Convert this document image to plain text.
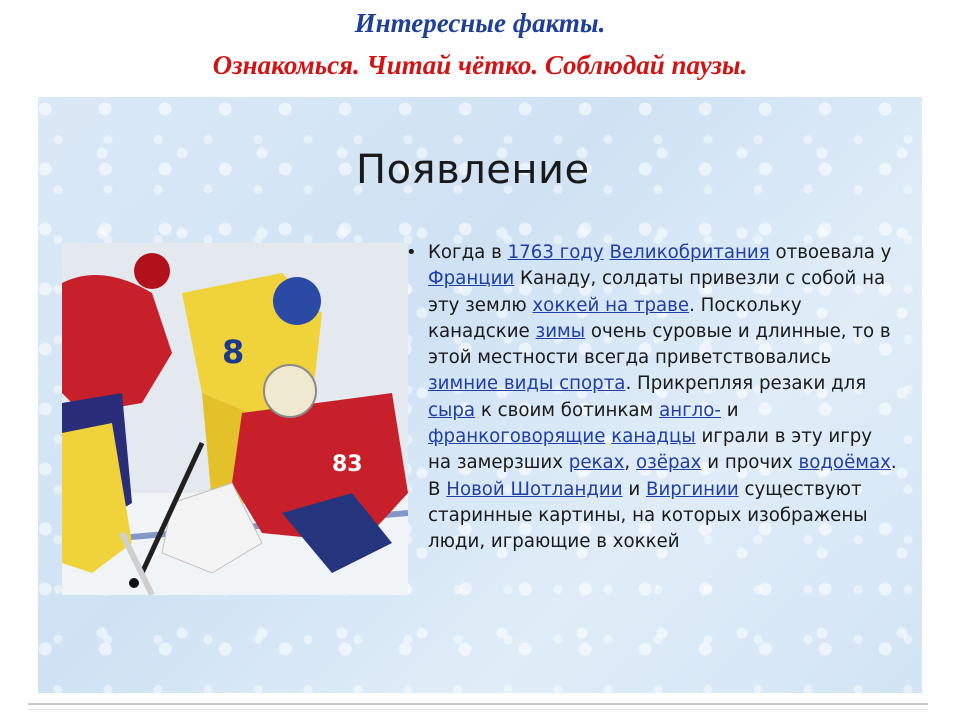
Интересные факты.
Ознакомься. Читай чётко. Соблюдай паузы.
Появление
8
83
• Когда в 1763 году Великобритания отвоевала у Франции Канаду, солдаты привезли с собой на эту землю хоккей на траве. Поскольку канадские зимы очень суровые и длинные, то в этой местности всегда приветствовались зимние виды спорта. Прикрепляя резаки для сыра к своим ботинкам англо- и франкоговорящие канадцы играли в эту игру на замерзших реках, озёрах и прочих водоёмах. В Новой Шотландии и Виргинии существуют старинные картины, на которых изображены люди, играющие в хоккей
